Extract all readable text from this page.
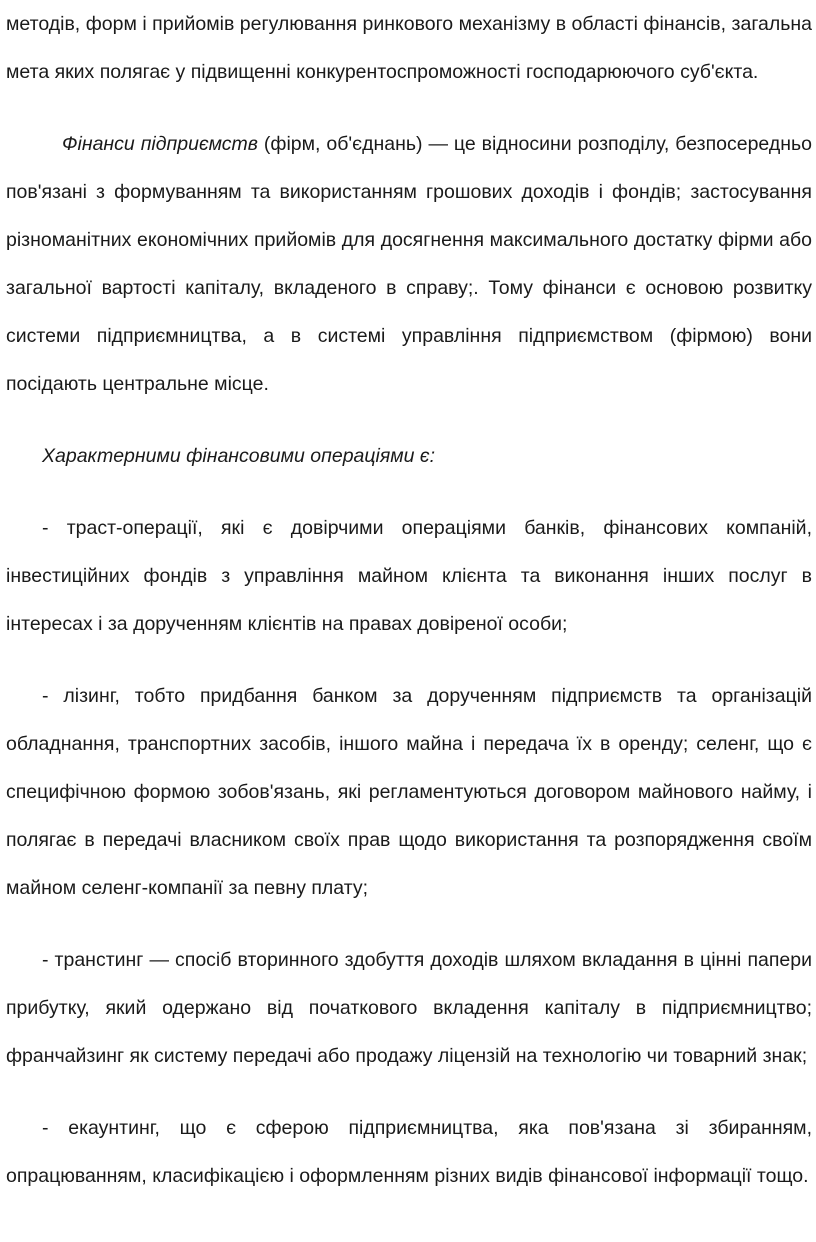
методів, форм і прийомів регулювання ринкового механізму в області фінансів, загальна мета яких полягає у підвищенні конкурентоспроможності господарюючого суб'єкта.

Фінанси підприємств (фірм, об'єднань) — це відносини розподілу, безпосередньо пов'язані з формуванням та використанням грошових доходів і фондів; застосування різноманітних економічних прийомів для досягнення максимального достатку фірми або загальної вартості капіталу, вкладеного в справу;. Тому фінанси є основою розвитку системи підприємництва, а в системі управління підприємством (фірмою) вони посідають центральне місце.

Характерними фінансовими операціями є:

- траст-операції, які є довірчими операціями банків, фінансових компаній, інвестиційних фондів з управління майном клієнта та виконання інших послуг в інтересах і за дорученням клієнтів на правах довіреної особи;

- лізинг, тобто придбання банком за дорученням підприємств та організацій обладнання, транспортних засобів, іншого майна і передача їх в оренду; селенг, що є специфічною формою зобов'язань, які регламентуються договором майнового найму, і полягає в передачі власником своїх прав щодо використання та розпорядження своїм майном селенг-компанії за певну плату;

- транстинг — спосіб вторинного здобуття доходів шляхом вкладання в цінні папери прибутку, який одержано від початкового вкладення капіталу в підприємництво; франчайзинг як систему передачі або продажу ліцензій на технологію чи товарний знак;

- екаунтинг, що є сферою підприємництва, яка пов'язана зі збиранням, опрацюванням, класифікацією і оформленням різних видів фінансової інформації тощо.
